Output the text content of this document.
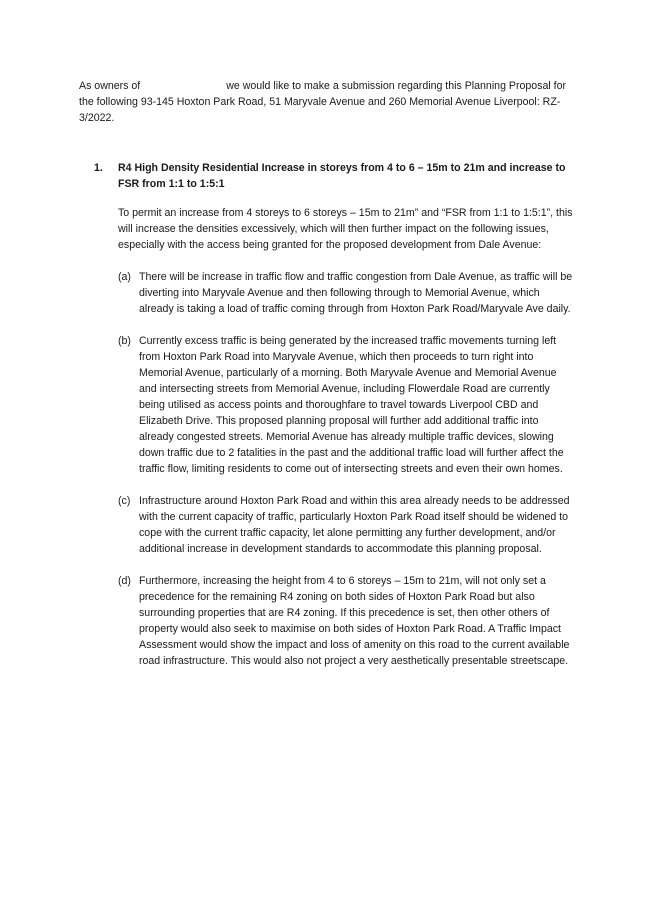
As owners of	we would like to make a submission regarding this Planning Proposal for the following 93-145 Hoxton Park Road, 51 Maryvale Avenue and 260 Memorial Avenue Liverpool: RZ-3/2022.

1. R4 High Density Residential Increase in storeys from 4 to 6 – 15m to 21m and increase to FSR from 1:1 to 1:5:1

To permit an increase from 4 storeys to 6 storeys – 15m to 21m” and “FSR from 1:1 to 1:5:1”, this will increase the densities excessively, which will then further impact on the following issues, especially with the access being granted for the proposed development from Dale Avenue:

(a) There will be increase in traffic flow and traffic congestion from Dale Avenue, as traffic will be diverting into Maryvale Avenue and then following through to Memorial Avenue, which already is taking a load of traffic coming through from Hoxton Park Road/Maryvale Ave daily.

(b) Currently excess traffic is being generated by the increased traffic movements turning left from Hoxton Park Road into Maryvale Avenue, which then proceeds to turn right into Memorial Avenue, particularly of a morning. Both Maryvale Avenue and Memorial Avenue and intersecting streets from Memorial Avenue, including Flowerdale Road are currently being utilised as access points and thoroughfare to travel towards Liverpool CBD and Elizabeth Drive. This proposed planning proposal will further add additional traffic into already congested streets. Memorial Avenue has already multiple traffic devices, slowing down traffic due to 2 fatalities in the past and the additional traffic load will further affect the traffic flow, limiting residents to come out of intersecting streets and even their own homes.

(c) Infrastructure around Hoxton Park Road and within this area already needs to be addressed with the current capacity of traffic, particularly Hoxton Park Road itself should be widened to cope with the current traffic capacity, let alone permitting any further development, and/or additional increase in development standards to accommodate this planning proposal.

(d) Furthermore, increasing the height from 4 to 6 storeys – 15m to 21m, will not only set a precedence for the remaining R4 zoning on both sides of Hoxton Park Road but also surrounding properties that are R4 zoning. If this precedence is set, then other others of property would also seek to maximise on both sides of Hoxton Park Road. A Traffic Impact Assessment would show the impact and loss of amenity on this road to the current available road infrastructure. This would also not project a very aesthetically presentable streetscape.
